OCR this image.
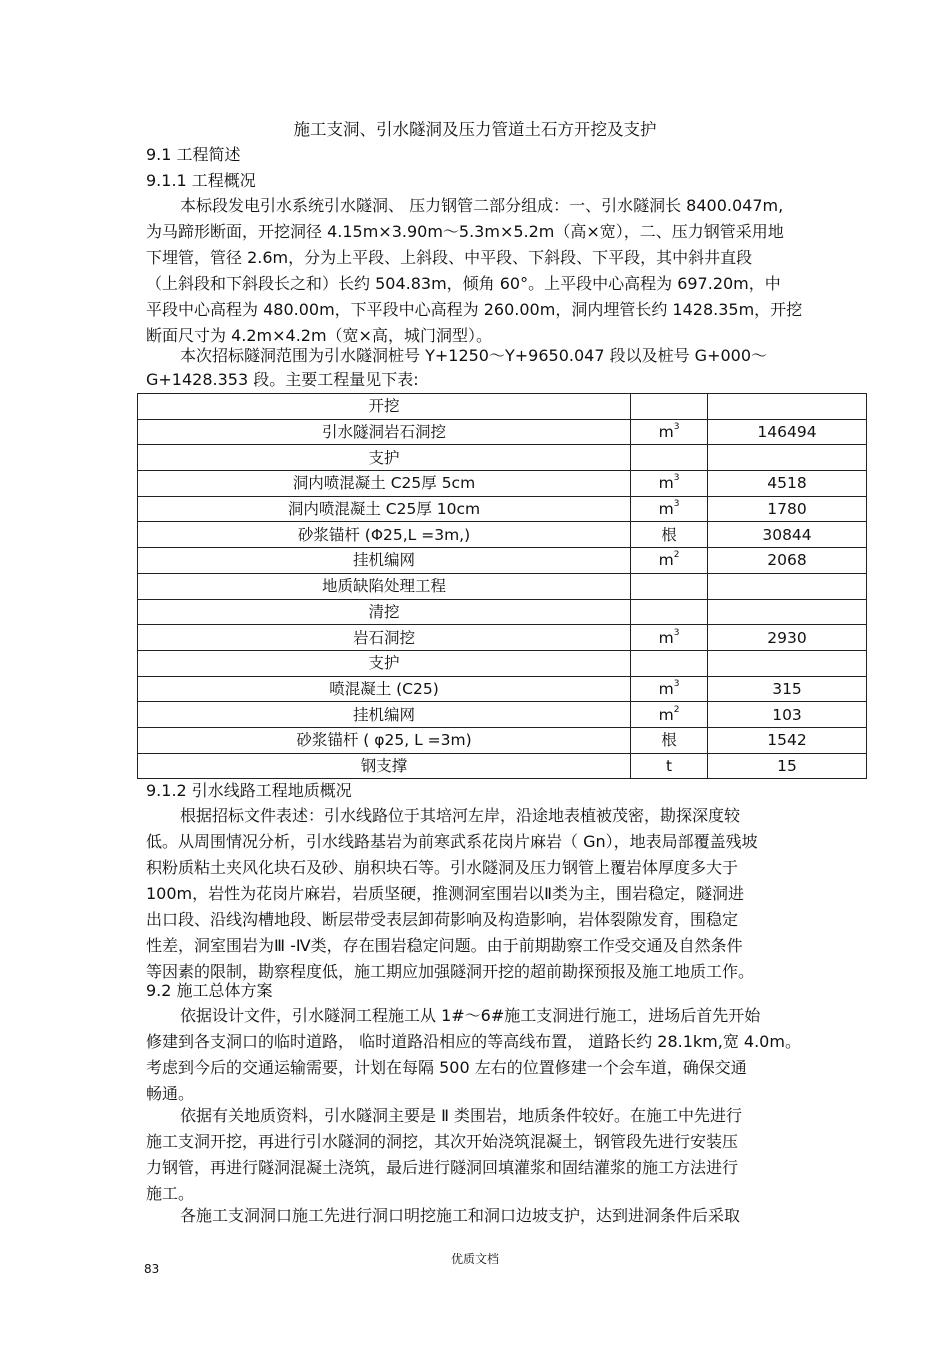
施工支洞、引水隧洞及压力管道土石方开挖及支护
9.1 工程简述
9.1.1 工程概况
本标段发电引水系统引水隧洞、 压力钢管二部分组成：一、引水隧洞长 8400.047m,
为马蹄形断面，开挖洞径 4.15m×3.90m～5.3m×5.2m（高×宽），二、压力钢管采用地
下埋管，管径 2.6m，分为上平段、上斜段、中平段、下斜段、下平段，其中斜井直段
（上斜段和下斜段长之和）长约 504.83m，倾角 60°。上平段中心高程为 697.20m，中
平段中心高程为 480.00m，下平段中心高程为 260.00m，洞内埋管长约 1428.35m，开挖
断面尺寸为 4.2m×4.2m（宽×高，城门洞型）。
本次招标隧洞范围为引水隧洞桩号 Y+1250～Y+9650.047 段以及桩号 G+000～
G+1428.353 段。主要工程量见下表:
开挖		
引水隧洞岩石洞挖	$m^3$	146494
支护		
洞内喷混凝土 C25厚 5cm	$m^3$	4518
洞内喷混凝土 C25厚 10cm	$m^3$	1780
砂浆锚杆 (Φ25,L =3m,)	根	30844
挂机编网	$m^2$	2068
地质缺陷处理工程		
清挖		
岩石洞挖	$m^3$	2930
支护		
喷混凝土 (C25)	$m^3$	315
挂机编网	$m^2$	103
砂浆锚杆 ( φ25, L =3m)	根	1542
钢支撑	t	15
9.1.2 引水线路工程地质概况
根据招标文件表述：引水线路位于其培河左岸，沿途地表植被茂密，勘探深度较
低。从周围情况分析，引水线路基岩为前寒武系花岗片麻岩（ Gn），地表局部覆盖残坡
积粉质粘土夹风化块石及砂、崩积块石等。引水隧洞及压力钢管上覆岩体厚度多大于
100m，岩性为花岗片麻岩，岩质坚硬，推测洞室围岩以Ⅱ类为主，围岩稳定，隧洞进
出口段、沿线沟槽地段、断层带受表层卸荷影响及构造影响，岩体裂隙发育，围稳定
性差，洞室围岩为Ⅲ -Ⅳ类，存在围岩稳定问题。由于前期勘察工作受交通及自然条件
等因素的限制，勘察程度低，施工期应加强隧洞开挖的超前勘探预报及施工地质工作。
9.2 施工总体方案
依据设计文件，引水隧洞工程施工从 1#～6#施工支洞进行施工，进场后首先开始
修建到各支洞口的临时道路， 临时道路沿相应的等高线布置， 道路长约 28.1km,宽 4.0m。
考虑到今后的交通运输需要，计划在每隔 500 左右的位置修建一个会车道，确保交通
畅通。
依据有关地质资料，引水隧洞主要是 Ⅱ 类围岩，地质条件较好。在施工中先进行
施工支洞开挖，再进行引水隧洞的洞挖，其次开始浇筑混凝土，钢管段先进行安装压
力钢管，再进行隧洞混凝土浇筑，最后进行隧洞回填灌浆和固结灌浆的施工方法进行
施工。
各施工支洞洞口施工先进行洞口明挖施工和洞口边坡支护，达到进洞条件后采取
优质文档
83
